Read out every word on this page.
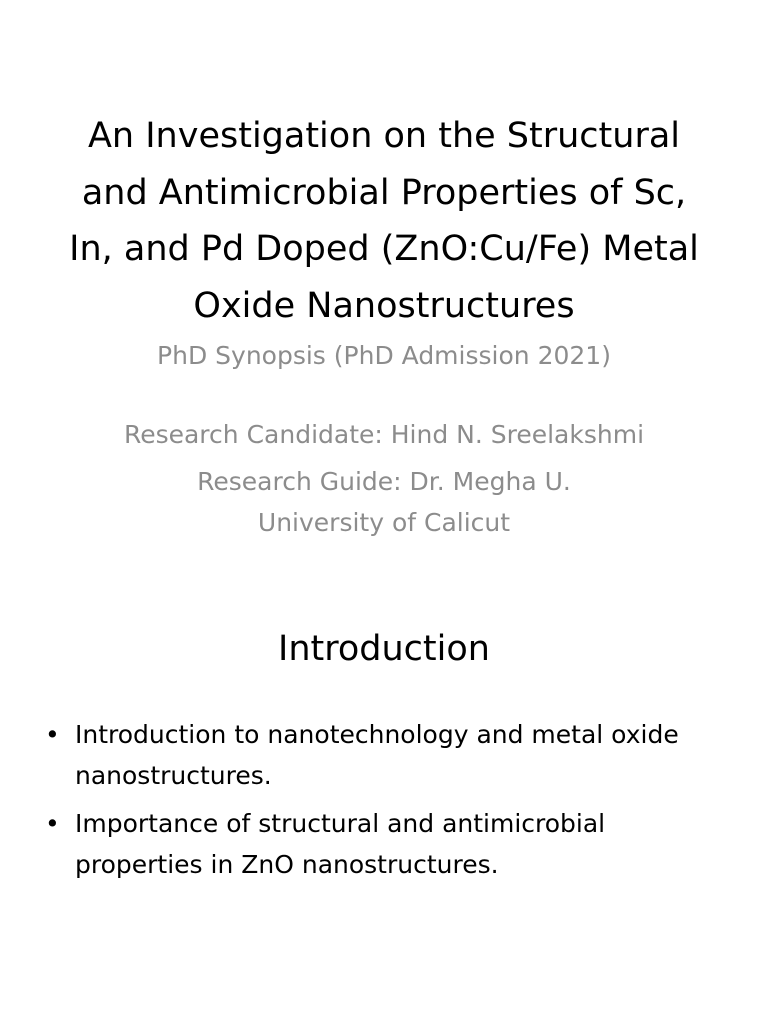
PhD Synopsis (PhD Admission 2021)

Research Candidate: Hind N. Sreelakshmi

Research Guide: Dr. Megha U.

University of Calicut

An Investigation on the Structural and Antimicrobial Properties of Sc, In, and Pd Doped (ZnO:Cu/Fe) Metal Oxide Nanostructures
Introduction
• Introduction to nanotechnology and metal oxide nanostructures.
• Importance of structural and antimicrobial properties in ZnO nanostructures.
